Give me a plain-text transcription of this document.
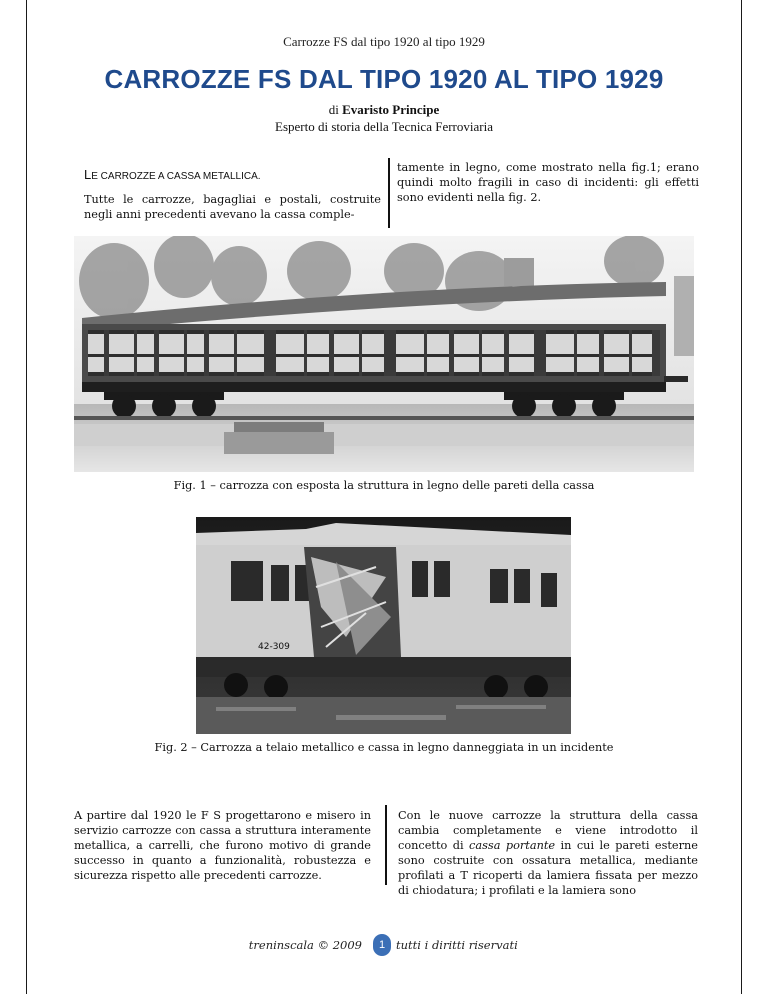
Carrozze FS dal tipo 1920 al tipo 1929
CARROZZE FS DAL TIPO 1920 AL TIPO 1929
di Evaristo Principe
Esperto di storia della Tecnica Ferroviaria
LE CARROZZE A CASSA METALLICA.

Tutte le carrozze, bagagliai e postali, costruite negli anni precedenti avevano la cassa comple-

tamente in legno, come mostrato nella fig.1; erano quindi molto fragili in caso di incidenti: gli effetti sono evidenti nella fig. 2.

Fig. 1 – carrozza con esposta la struttura in legno delle pareti della cassa
42-309
Fig. 2 – Carrozza a telaio metallico e cassa in legno danneggiata in un incidente

A partire dal 1920 le F S progettarono e misero in servizio carrozze con cassa a struttura interamente metallica, a carrelli, che furono motivo di grande successo in quanto a funzionalità, robustezza e sicurezza rispetto alle precedenti carrozze.

Con le nuove carrozze la struttura della cassa cambia completamente e viene introdotto il concetto di cassa portante in cui le pareti esterne sono costruite con ossatura metallica, mediante profilati a T ricoperti da lamiera fissata per mezzo di chiodatura; i profilati e la lamiera sono

treninscala © 2009	1 tutti i diritti riservati
